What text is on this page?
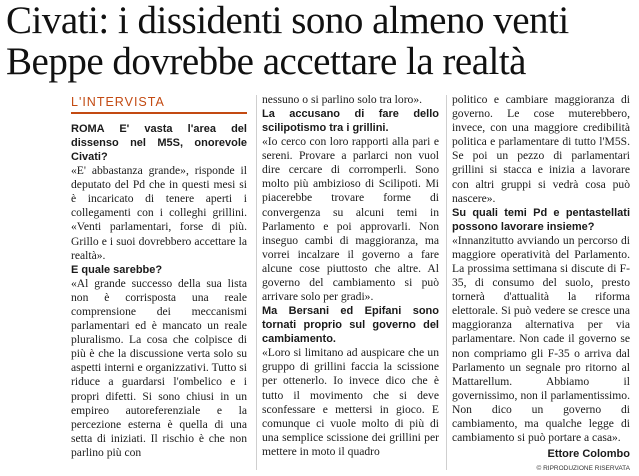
Civati: i dissidenti sono almeno venti
Beppe dovrebbe accettare la realtà
L'INTERVISTA

ROMA E' vasta l'area del dissenso nel M5S, onorevole Civati?

«E' abbastanza grande», risponde il deputato del Pd che in questi mesi si è incaricato di tenere aperti i collegamenti con i colleghi grillini. «Venti parlamentari, forse di più. Grillo e i suoi dovrebbero accettare la realtà».

E quale sarebbe?

«Al grande successo della sua lista non è corrisposta una reale comprensione dei meccanismi parlamentari ed è mancato un reale pluralismo. La cosa che colpisce di più è che la discussione verta solo su aspetti interni e organizzativi. Tutto si riduce a guardarsi l'ombelico e i propri difetti. Si sono chiusi in un empireo autoreferenziale e la percezione esterna è quella di una setta di iniziati. Il rischio è che non parlino più con

nessuno o si parlino solo tra loro».

La accusano di fare dello scilipotismo tra i grillini.

«Io cerco con loro rapporti alla pari e sereni. Provare a parlarci non vuol dire cercare di corromperli. Sono molto più ambizioso di Scilipoti. Mi piacerebbe trovare forme di convergenza su alcuni temi in Parlamento e poi approvarli. Non inseguo cambi di maggioranza, ma vorrei incalzare il governo a fare alcune cose piuttosto che altre. Al governo del cambiamento si può arrivare solo per gradi».

Ma Bersani ed Epifani sono tornati proprio sul governo del cambiamento.

«Loro si limitano ad auspicare che un gruppo di grillini faccia la scissione per ottenerlo. Io invece dico che è tutto il movimento che si deve sconfessare e mettersi in gioco. E comunque ci vuole molto di più di una semplice scissione dei grillini per mettere in moto il quadro

politico e cambiare maggioranza di governo. Le cose muterebbero, invece, con una maggiore credibilità politica e parlamentare di tutto l'M5S. Se poi un pezzo di parlamentari grillini si stacca e inizia a lavorare con altri gruppi si vedrà cosa può nascere».

Su quali temi Pd e pentastellati possono lavorare insieme?

«Innanzitutto avviando un percorso di maggiore operatività del Parlamento. La prossima settimana si discute di F-35, di consumo del suolo, presto tornerà d'attualità la riforma elettorale. Si può vedere se cresce una maggioranza alternativa per via parlamentare. Non cade il governo se non compriamo gli F-35 o arriva dal Parlamento un segnale pro ritorno al Mattarellum. Abbiamo il governissimo, non il parlamentissimo. Non dico un governo di cambiamento, ma qualche legge di cambiamento si può portare a casa».

Ettore Colombo
© RIPRODUZIONE RISERVATA
